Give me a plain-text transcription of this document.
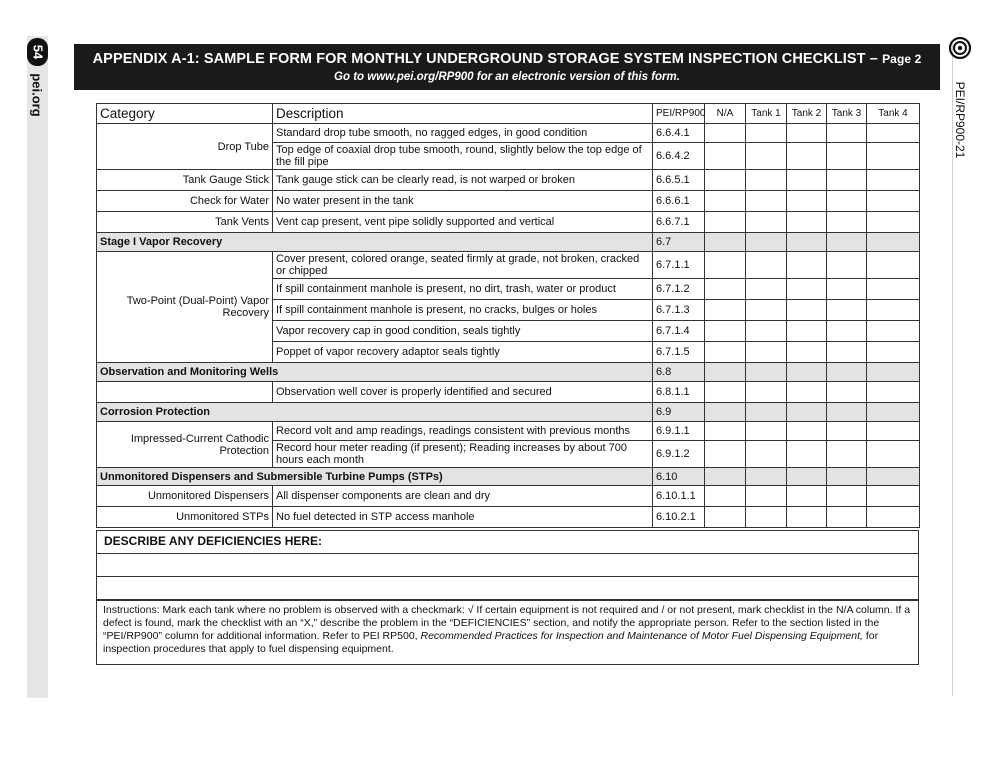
54
pei.org	PEI/RP900-21
APPENDIX A-1: SAMPLE FORM FOR MONTHLY UNDERGROUND STORAGE SYSTEM INSPECTION CHECKLIST – Page 2
Go to www.pei.org/RP900 for an electronic version of this form.
Category	Description	PEI/RP900	N/A	Tank 1	Tank 2	Tank 3	Tank 4
Drop Tube	Standard drop tube smooth, no ragged edges, in good condition	6.6.4.1					
	Top edge of coaxial drop tube smooth, round, slightly below the top edge of the fill pipe	6.6.4.2					
Tank Gauge Stick	Tank gauge stick can be clearly read, is not warped or broken	6.6.5.1					
Check for Water	No water present in the tank	6.6.6.1					
Tank Vents	Vent cap present, vent pipe solidly supported and vertical	6.6.7.1					
Stage I Vapor Recovery		6.7					
Two-Point (Dual-Point) Vapor Recovery	Cover present, colored orange, seated firmly at grade, not broken, cracked or chipped	6.7.1.1					
	If spill containment manhole is present, no dirt, trash, water or product	6.7.1.2					
	If spill containment manhole is present, no cracks, bulges or holes	6.7.1.3					
	Vapor recovery cap in good condition, seals tightly	6.7.1.4					
	Poppet of vapor recovery adaptor seals tightly	6.7.1.5					
Observation and Monitoring Wells		6.8					
	Observation well cover is properly identified and secured	6.8.1.1					
Corrosion Protection		6.9					
Impressed-Current Cathodic Protection	Record volt and amp readings, readings consistent with previous months	6.9.1.1					
	Record hour meter reading (if present); Reading increases by about 700 hours each month	6.9.1.2					
Unmonitored Dispensers and Submersible Turbine Pumps (STPs)		6.10					
Unmonitored Dispensers	All dispenser components are clean and dry	6.10.1.1					
Unmonitored STPs	No fuel detected in STP access manhole	6.10.2.1					
DESCRIBE ANY DEFICIENCIES HERE:
Instructions: Mark each tank where no problem is observed with a checkmark: √ If certain equipment is not required and / or not present, mark checklist in the N/A column. If a defect is found, mark the checklist with an “X,” describe the problem in the “DEFICIENCIES” section, and notify the appropriate person. Refer to the section listed in the “PEI/RP900” column for additional information. Refer to PEI RP500, Recommended Practices for Inspection and Maintenance of Motor Fuel Dispensing Equipment, for inspection procedures that apply to fuel dispensing equipment.
